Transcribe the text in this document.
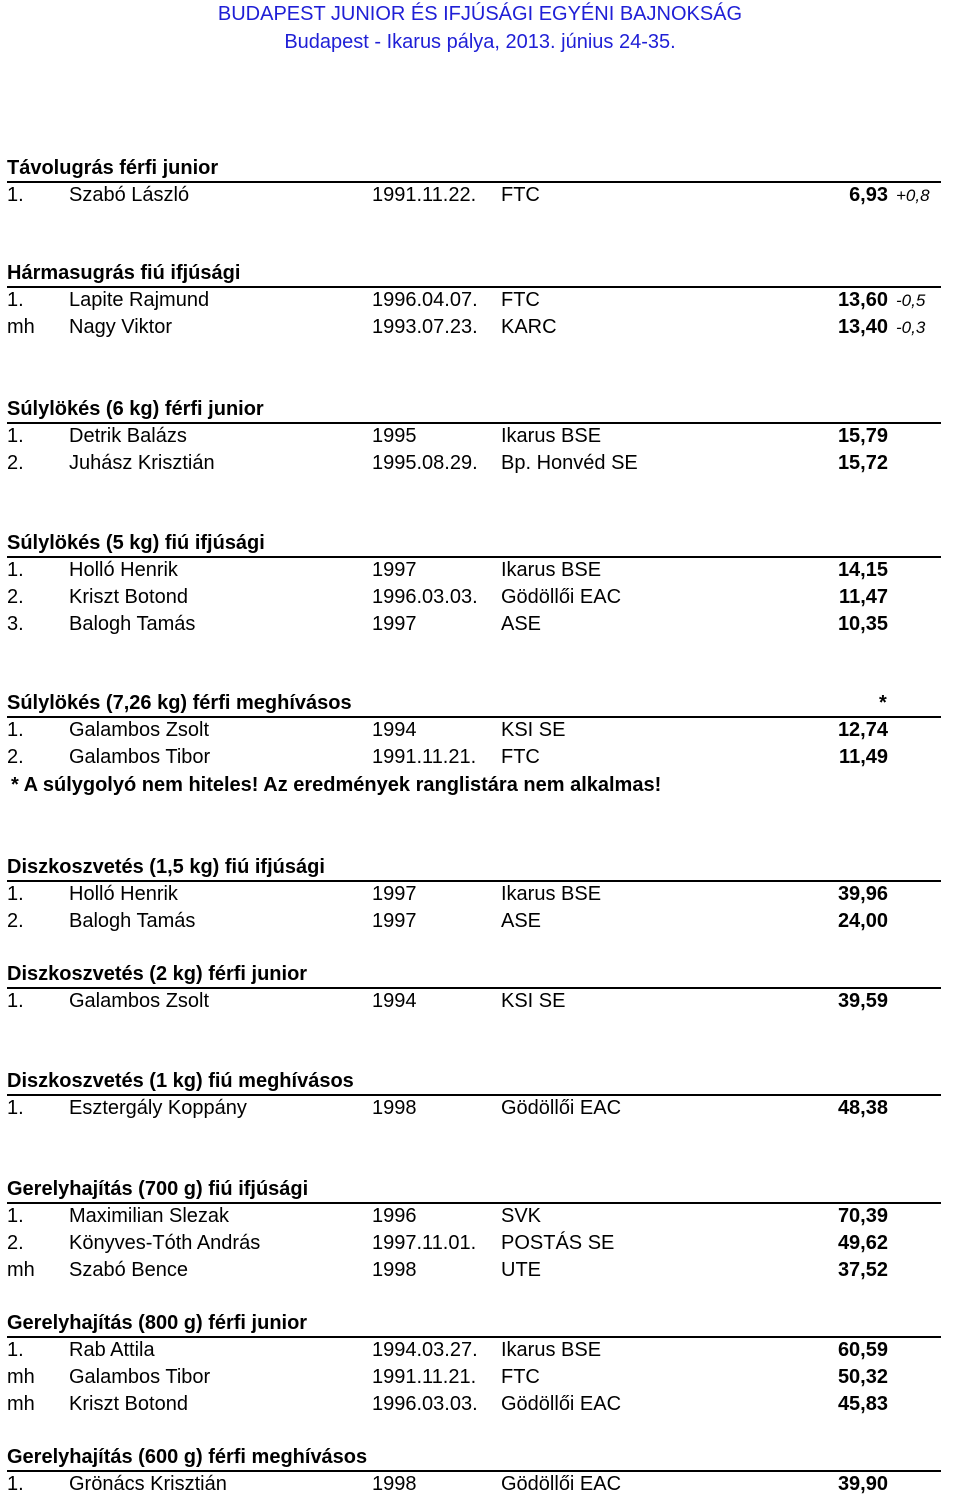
BUDAPEST JUNIOR ÉS IFJÚSÁGI EGYÉNI BAJNOKSÁG
Budapest - Ikarus pálya, 2013. június 24-35.
Távolugrás férfi junior
1. Szabó László	1991.11.22. FTC	6,93 +0,8
Hármasugrás fiú ifjúsági
1. Lapite Rajmund	1996.04.07. FTC	13,60 -0,5
mh Nagy Viktor	1993.07.23. KARC	13,40 -0,3
Súlylökés (6 kg) férfi junior
1. Detrik Balázs	1995	Ikarus BSE	15,79
2. Juhász Krisztián	1995.08.29. Bp. Honvéd SE	15,72
Súlylökés (5 kg) fiú ifjúsági
1. Holló Henrik	1997	Ikarus BSE	14,15
2. Kriszt Botond	1996.03.03. Gödöllői EAC	11,47
3. Balogh Tamás	1997	ASE	10,35
Súlylökés (7,26 kg) férfi meghívásos	*
1. Galambos Zsolt	1994	KSI SE	12,74
2. Galambos Tibor	1991.11.21. FTC	11,49
* A súlygolyó nem hiteles! Az eredmények ranglistára nem alkalmas!
Diszkoszvetés (1,5 kg) fiú ifjúsági
1. Holló Henrik	1997	Ikarus BSE	39,96
2. Balogh Tamás	1997	ASE	24,00
Diszkoszvetés (2 kg) férfi junior
1. Galambos Zsolt	1994	KSI SE	39,59
Diszkoszvetés (1 kg) fiú meghívásos
1. Esztergály Koppány	1998	Gödöllői EAC	48,38
Gerelyhajítás (700 g) fiú ifjúsági
1. Maximilian Slezak	1996	SVK	70,39
2. Könyves-Tóth András	1997.11.01. POSTÁS SE	49,62
mh Szabó Bence	1998	UTE	37,52
Gerelyhajítás (800 g) férfi junior
1. Rab Attila	1994.03.27. Ikarus BSE	60,59
mh Galambos Tibor	1991.11.21. FTC	50,32
mh Kriszt Botond	1996.03.03. Gödöllői EAC	45,83
Gerelyhajítás (600 g) férfi meghívásos
1. Grönács Krisztián	1998	Gödöllői EAC	39,90
